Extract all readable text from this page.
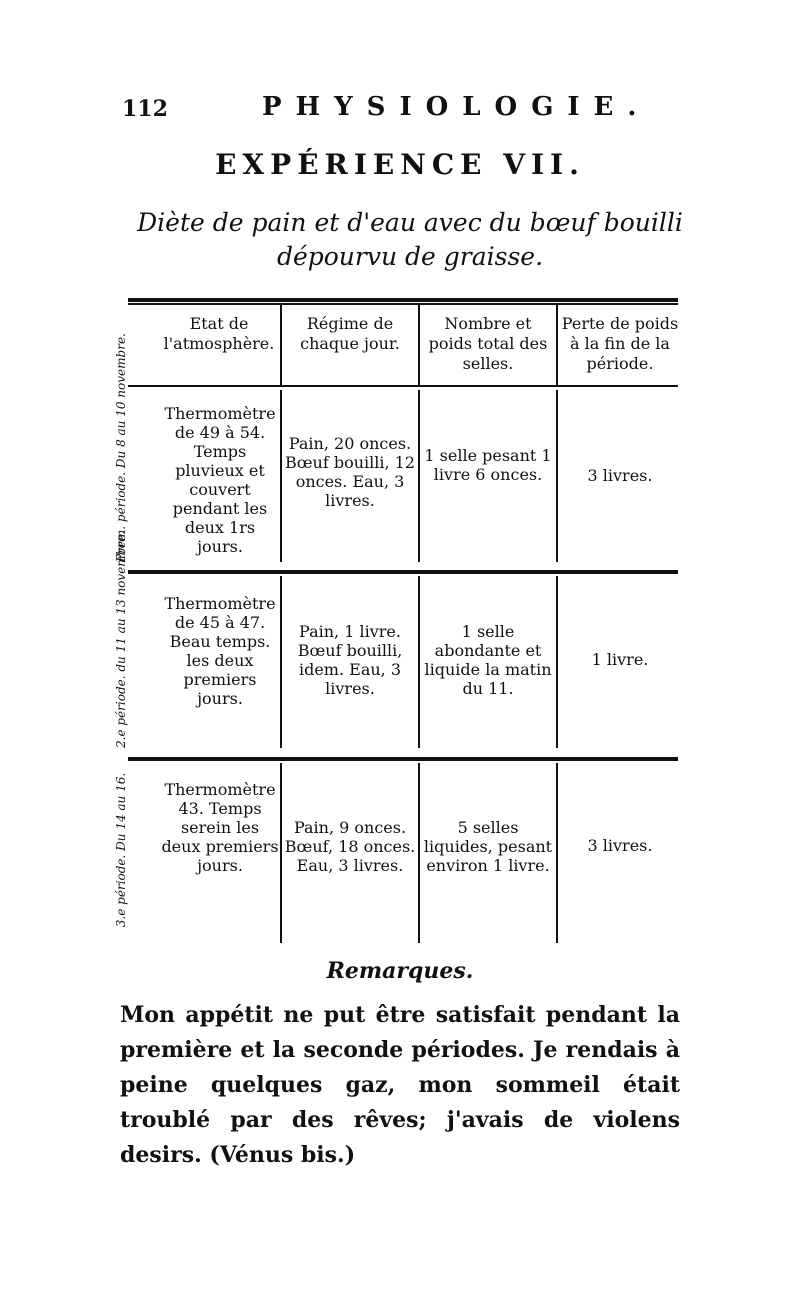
112	PHYSIOLOGIE.
EXPÉRIENCE VII.
Diète de pain et d'eau avec du bœuf bouilli dépourvu de graisse.
Etat de l'atmosphère.
Régime de chaque jour.
Nombre et poids total des selles.
Perte de poids à la fin de la période.
Prem. période. Du 8 au 10 novembre. Thermomètre de 49 à 54. Temps pluvieux et couvert pendant les deux 1rs jours.
Pain, 20 onces. Bœuf bouilli, 12 onces. Eau, 3 livres.
1 selle pesant 1 livre 6 onces.	3 livres.
2.e période. du 11 au 13 novembre. Thermomètre de 45 à 47. Beau temps. les deux premiers jours.
Pain, 1 livre. Bœuf bouilli, idem. Eau, 3 livres.
1 selle abondante et liquide la matin du 11.
1 livre.
3.e période. Du 14 au 16. Thermomètre 43. Temps serein les deux premiers jours.
Pain, 9 onces. Bœuf, 18 onces. Eau, 3 livres.
5 selles liquides, pesant environ 1 livre.
3 livres.
Remarques.
Mon appétit ne put être satisfait pendant la première et la seconde périodes. Je rendais à peine quelques gaz, mon sommeil était troublé par des rêves; j'avais de violens desirs. (Vénus bis.)
